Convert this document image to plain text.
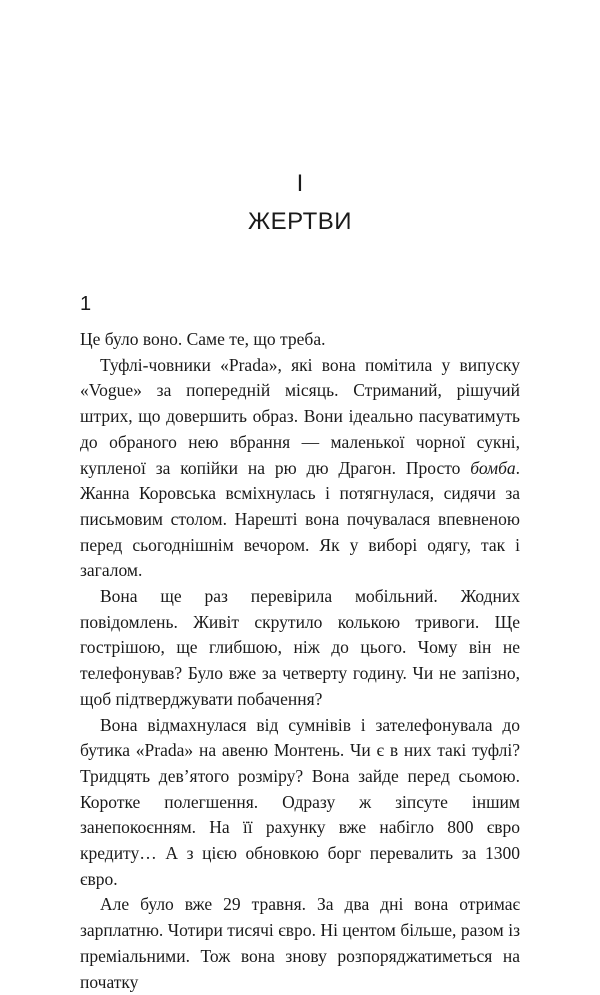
I
ЖЕРТВИ
1

Це було воно. Саме те, що треба.

Туфлі-човники «Prada», які вона помітила у випуску «Vogue» за попередній місяць. Стриманий, рішучий штрих, що довершить образ. Вони ідеально пасуватимуть до обраного нею вбрання — маленької чорної сукні, купленої за копійки на рю дю Драгон. Просто бомба. Жанна Коровська всміхнулась і потягнулася, сидячи за письмовим столом. Нарешті вона почувалася впевненою перед сьогоднішнім вечором. Як у виборі одягу, так і загалом.

Вона ще раз перевірила мобільний. Жодних повідомлень. Живіт скрутило колькою тривоги. Ще гострішою, ще глибшою, ніж до цього. Чому він не телефонував? Було вже за четверту годину. Чи не запізно, щоб підтверджувати побачення?

Вона відмахнулася від сумнівів і зателефонувала до бутика «Prada» на авеню Монтень. Чи є в них такі туфлі? Тридцять дев’ятого розміру? Вона зайде перед сьомою. Коротке полегшення. Одразу ж зіпсуте іншим занепокоєнням. На її рахунку вже набігло 800 євро кредиту… А з цією обновкою борг перевалить за 1300 євро.

Але було вже 29 травня. За два дні вона отримає зарплатню. Чотири тисячі євро. Ні центом більше, разом із преміальними. Тож вона знову розпоряджатиметься на початку
